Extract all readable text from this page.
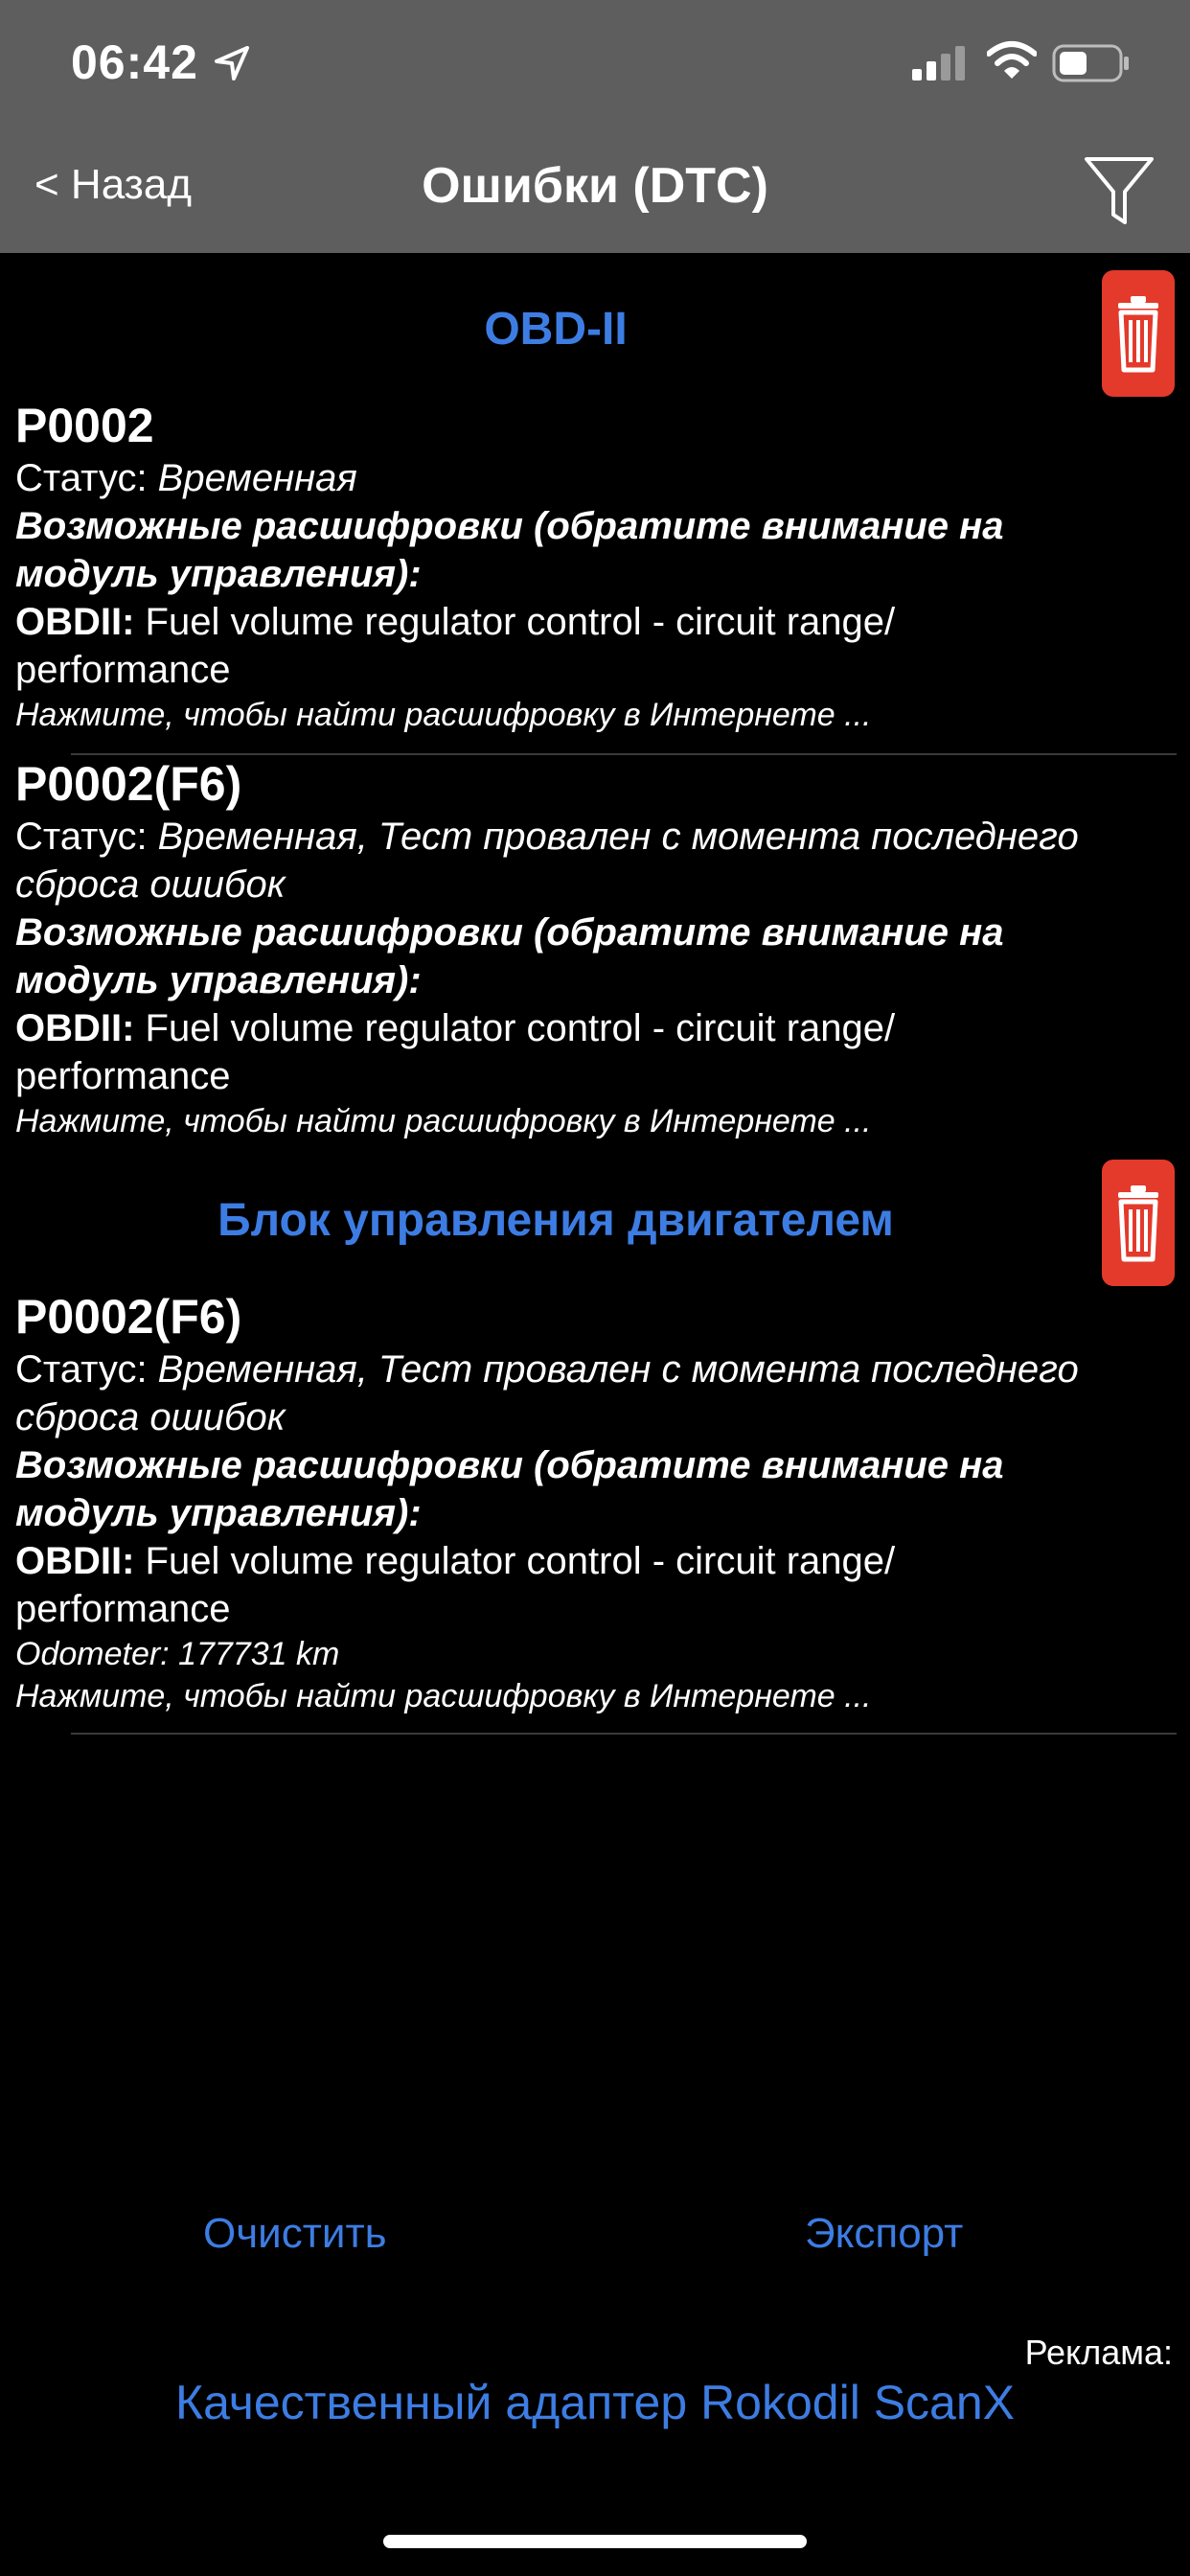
06:42
< Назад	Ошибки (DTC)
OBD-II
P0002
Статус: Временная
Возможные расшифровки (обратите внимание на
модуль управления):
OBDII: Fuel volume regulator control - circuit range/
performance
Нажмите, чтобы найти расшифровку в Интернете ...
P0002(F6)
Статус: Временная, Тест провален с момента последнего
сброса ошибок
Возможные расшифровки (обратите внимание на
модуль управления):
OBDII: Fuel volume regulator control - circuit range/
performance
Нажмите, чтобы найти расшифровку в Интернете ...
Блок управления двигателем
P0002(F6)
Статус: Временная, Тест провален с момента последнего
сброса ошибок
Возможные расшифровки (обратите внимание на
модуль управления):
OBDII: Fuel volume regulator control - circuit range/
performance
Odometer: 177731 km
Нажмите, чтобы найти расшифровку в Интернете ...
Очистить	Экспорт
Реклама:
Качественный адаптер Rokodil ScanX
